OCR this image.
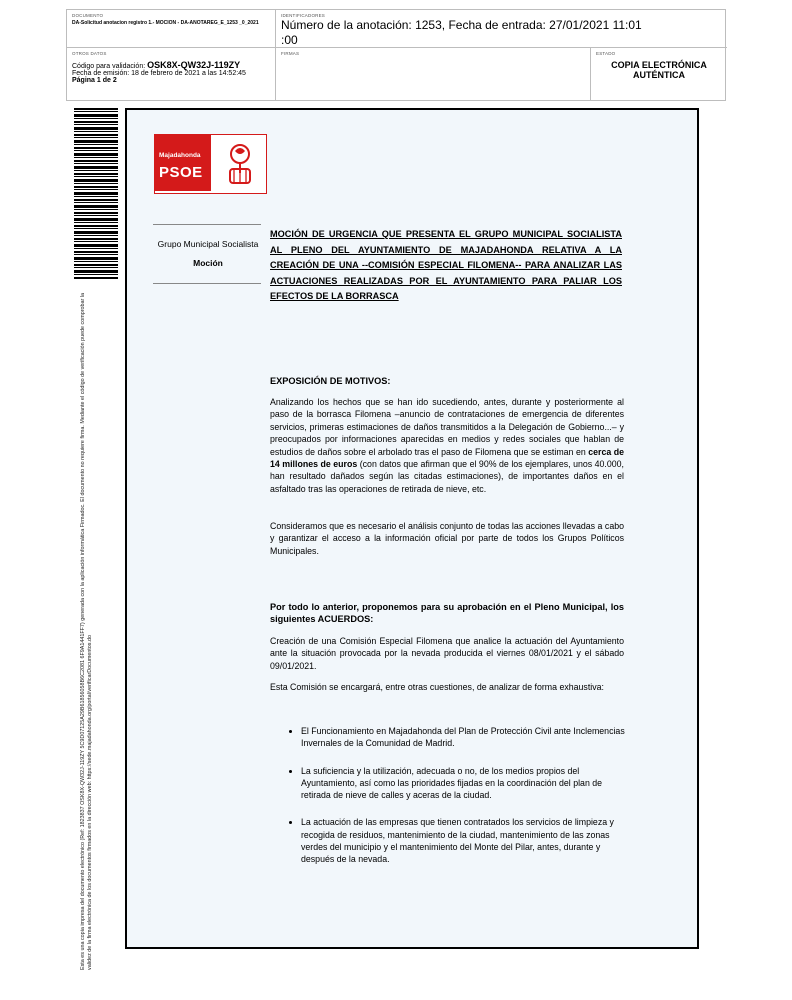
DOCUMENTO
DA-Solicitud anotacion registro 1.- MOCION - DA-ANOTAREG_E_1253 _0_2021
IDENTIFICADORES
Número de la anotación: 1253, Fecha de entrada: 27/01/2021 11:01 :00
OTROS DATOS
Código para validación: OSK8X-QW32J-119ZY
Fecha de emisión: 18 de febrero de 2021 a las 14:52:45
Página 1 de 2
FIRMAS	ESTADO
COPIA ELECTRÓNICA AUTÉNTICA
Esta es una copia impresa del documento electrónico (Ref: 1823837 OSK8X-QW32J-119ZY 5C9D07125A29B61856058B6C2081 6F9A1441FF7) generada con la aplicación informática Firmadoc. El documento no requiere firma. Mediante el código de verificación puede comprobar la validez de la firma electrónica de los documentos firmados en la dirección web: https://sede.majadahonda.org/portal/verificarDocumentos.do
Majadahonda
PSOE
Grupo Municipal Socialista
Moción
MOCIÓN DE URGENCIA QUE PRESENTA EL GRUPO MUNICIPAL SOCIALISTA AL PLENO DEL AYUNTAMIENTO DE MAJADAHONDA RELATIVA A LA CREACIÓN DE UNA --COMISIÓN ESPECIAL FILOMENA-- PARA ANALIZAR LAS ACTUACIONES REALIZADAS POR EL AYUNTAMIENTO PARA PALIAR LOS EFECTOS DE LA BORRASCA
EXPOSICIÓN DE MOTIVOS:
Analizando los hechos que se han ido sucediendo, antes, durante y posteriormente al paso de la borrasca Filomena –anuncio de contrataciones de emergencia de diferentes servicios, primeras estimaciones de daños transmitidos a la Delegación de Gobierno...– y preocupados por informaciones aparecidas en medios y redes sociales que hablan de estudios de daños sobre el arbolado tras el paso de Filomena que se estiman en cerca de 14 millones de euros (con datos que afirman que el 90% de los ejemplares, unos 40.000, han resultado dañados según las citadas estimaciones), de importantes daños en el asfaltado tras las operaciones de retirada de nieve, etc.
Consideramos que es necesario el análisis conjunto de todas las acciones llevadas a cabo y garantizar el acceso a la información oficial por parte de todos los Grupos Políticos Municipales.
Por todo lo anterior, proponemos para su aprobación en el Pleno Municipal, los siguientes ACUERDOS:
Creación de una Comisión Especial Filomena que analice la actuación del Ayuntamiento ante la situación provocada por la nevada producida el viernes 08/01/2021 y el sábado 09/01/2021.
Esta Comisión se encargará, entre otras cuestiones, de analizar de forma exhaustiva:
• El Funcionamiento en Majadahonda del Plan de Protección Civil ante Inclemencias Invernales de la Comunidad de Madrid.
• La suficiencia y la utilización, adecuada o no, de los medios propios del Ayuntamiento, así como las prioridades fijadas en la coordinación del plan de retirada de nieve de calles y aceras de la ciudad.
• La actuación de las empresas que tienen contratados los servicios de limpieza y recogida de residuos, mantenimiento de la ciudad, mantenimiento de las zonas verdes del municipio y el mantenimiento del Monte del Pilar, antes, durante y después de la nevada.
